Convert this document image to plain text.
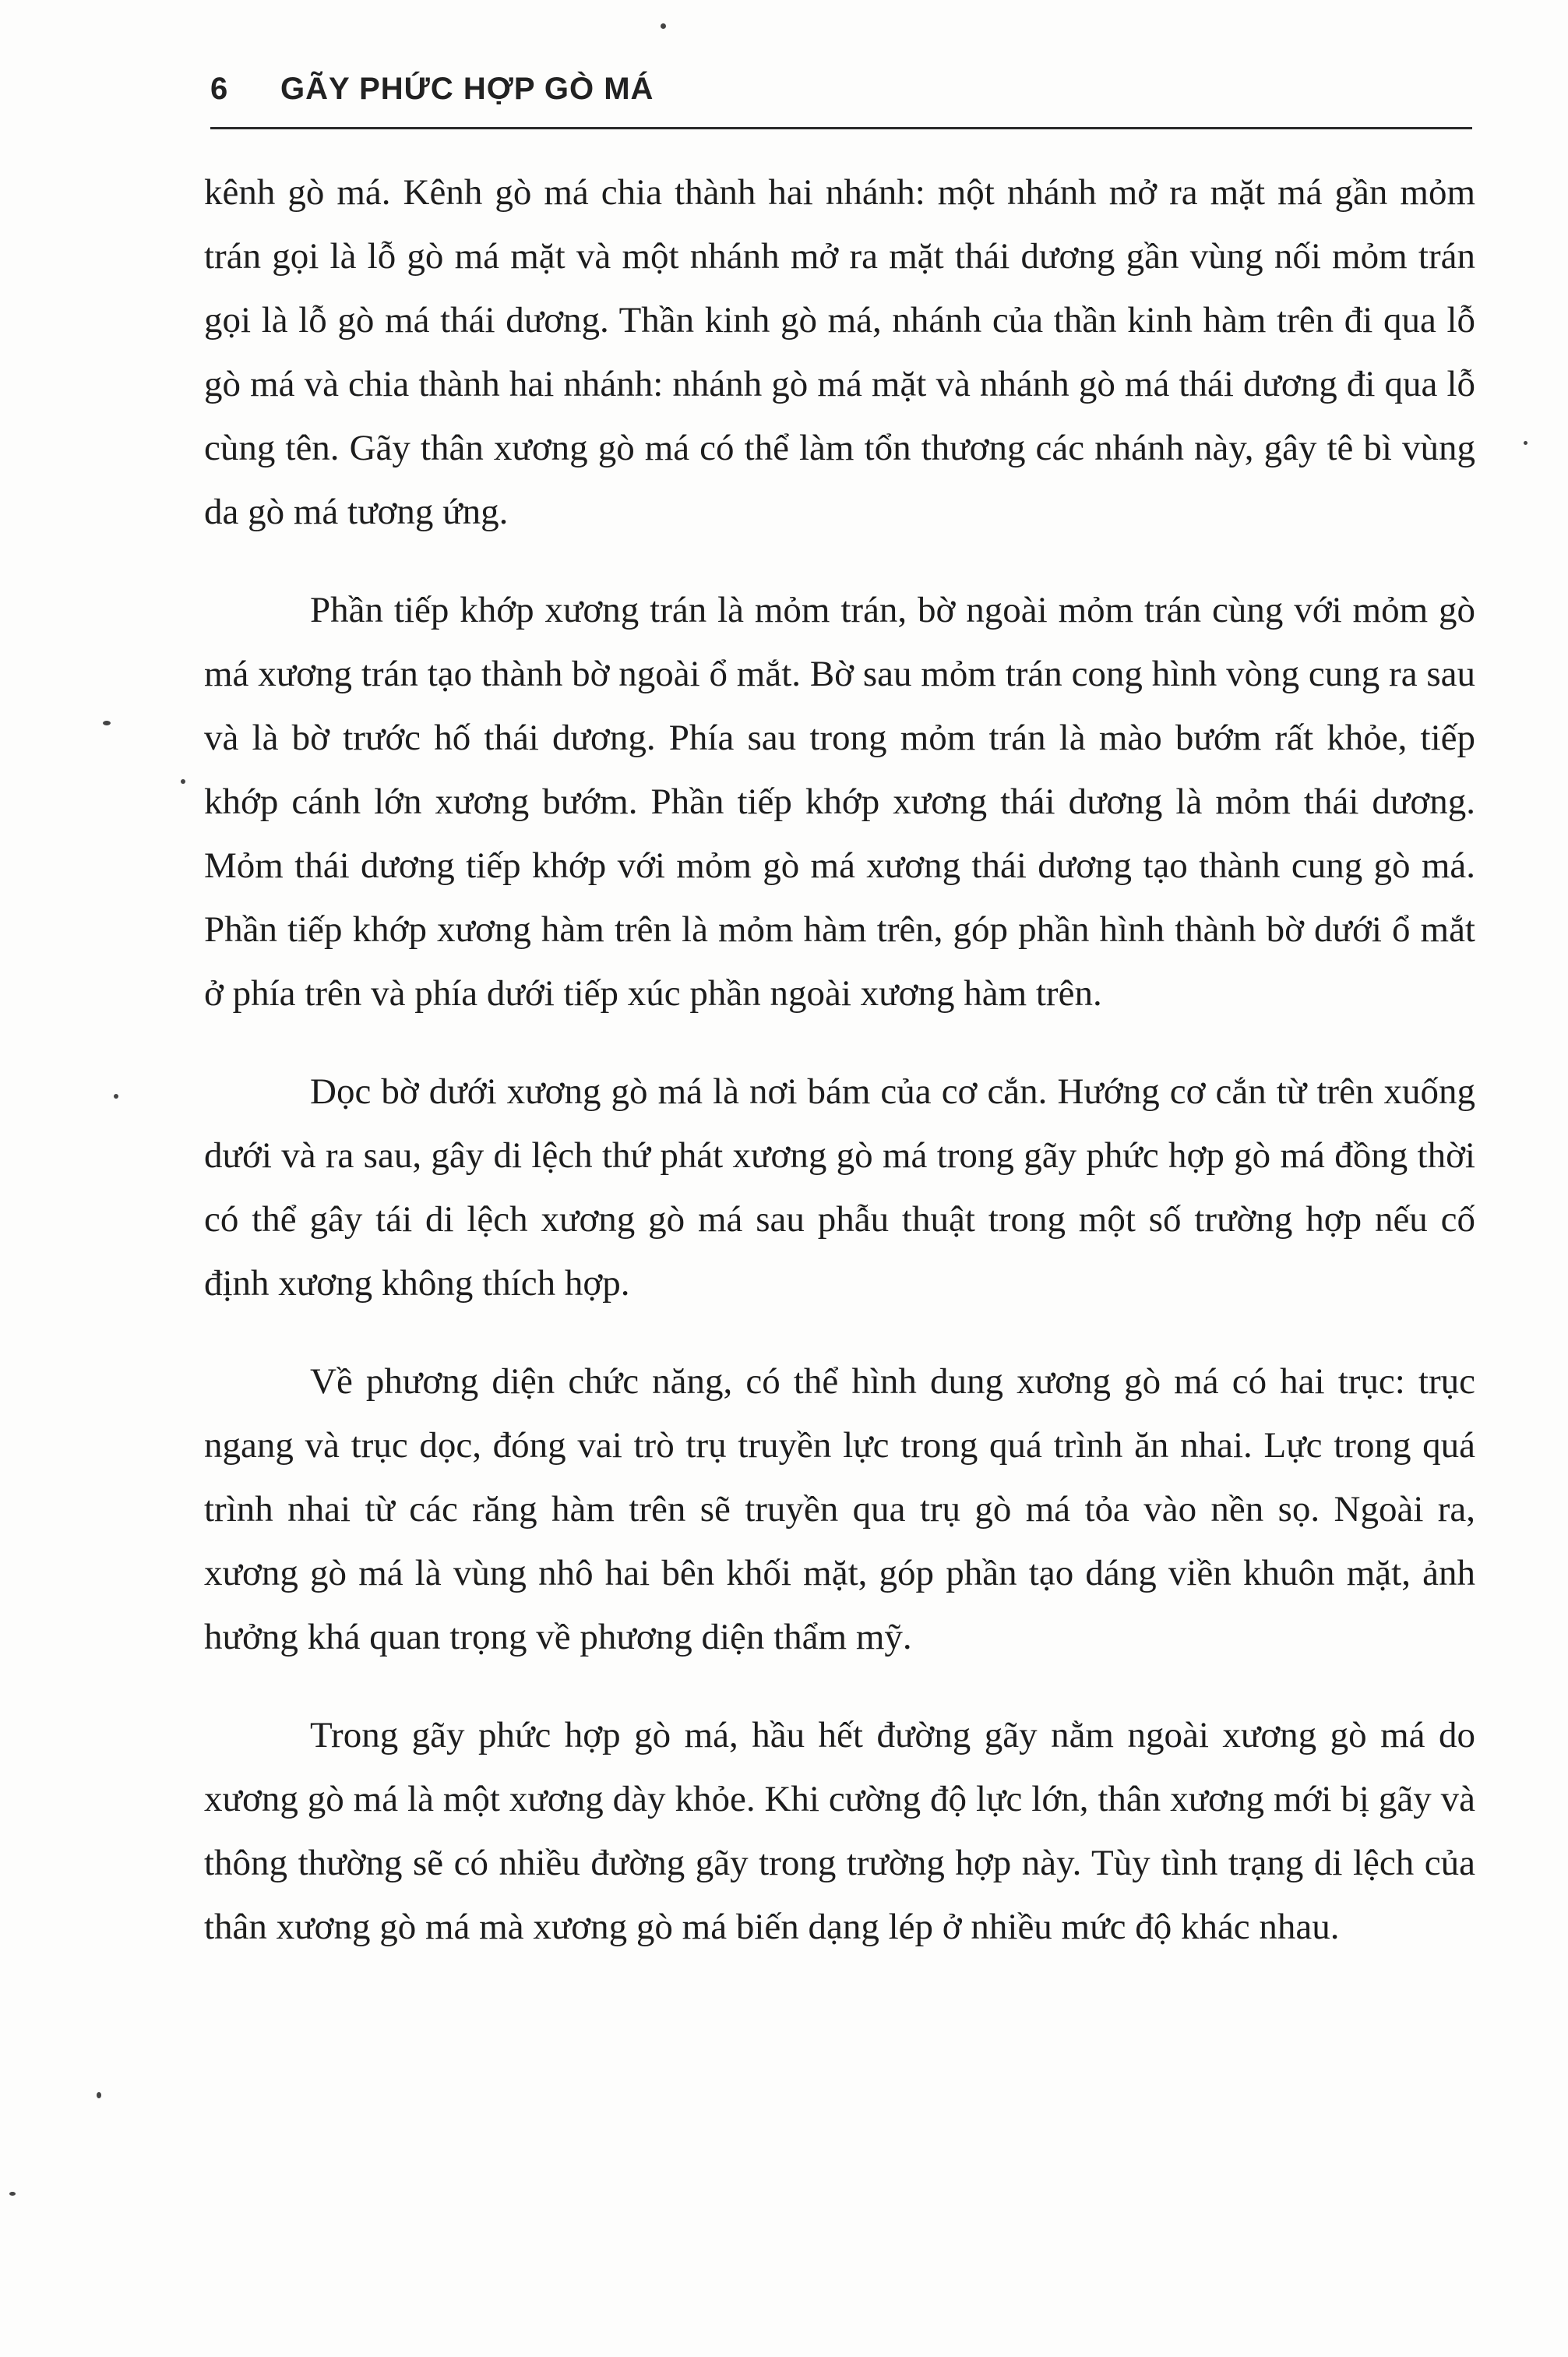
6 GÃY PHỨC HỢP GÒ MÁ

kênh gò má. Kênh gò má chia thành hai nhánh: một nhánh mở ra mặt má gần mỏm trán gọi là lỗ gò má mặt và một nhánh mở ra mặt thái dương gần vùng nối mỏm trán gọi là lỗ gò má thái dương. Thần kinh gò má, nhánh của thần kinh hàm trên đi qua lỗ gò má và chia thành hai nhánh: nhánh gò má mặt và nhánh gò má thái dương đi qua lỗ cùng tên. Gãy thân xương gò má có thể làm tổn thương các nhánh này, gây tê bì vùng da gò má tương ứng.

Phần tiếp khớp xương trán là mỏm trán, bờ ngoài mỏm trán cùng với mỏm gò má xương trán tạo thành bờ ngoài ổ mắt. Bờ sau mỏm trán cong hình vòng cung ra sau và là bờ trước hố thái dương. Phía sau trong mỏm trán là mào bướm rất khỏe, tiếp khớp cánh lớn xương bướm. Phần tiếp khớp xương thái dương là mỏm thái dương. Mỏm thái dương tiếp khớp với mỏm gò má xương thái dương tạo thành cung gò má. Phần tiếp khớp xương hàm trên là mỏm hàm trên, góp phần hình thành bờ dưới ổ mắt ở phía trên và phía dưới tiếp xúc phần ngoài xương hàm trên.

Dọc bờ dưới xương gò má là nơi bám của cơ cắn. Hướng cơ cắn từ trên xuống dưới và ra sau, gây di lệch thứ phát xương gò má trong gãy phức hợp gò má đồng thời có thể gây tái di lệch xương gò má sau phẫu thuật trong một số trường hợp nếu cố định xương không thích hợp.

Về phương diện chức năng, có thể hình dung xương gò má có hai trục: trục ngang và trục dọc, đóng vai trò trụ truyền lực trong quá trình ăn nhai. Lực trong quá trình nhai từ các răng hàm trên sẽ truyền qua trụ gò má tỏa vào nền sọ. Ngoài ra, xương gò má là vùng nhô hai bên khối mặt, góp phần tạo dáng viền khuôn mặt, ảnh hưởng khá quan trọng về phương diện thẩm mỹ.

Trong gãy phức hợp gò má, hầu hết đường gãy nằm ngoài xương gò má do xương gò má là một xương dày khỏe. Khi cường độ lực lớn, thân xương mới bị gãy và thông thường sẽ có nhiều đường gãy trong trường hợp này. Tùy tình trạng di lệch của thân xương gò má mà xương gò má biến dạng lép ở nhiều mức độ khác nhau.
